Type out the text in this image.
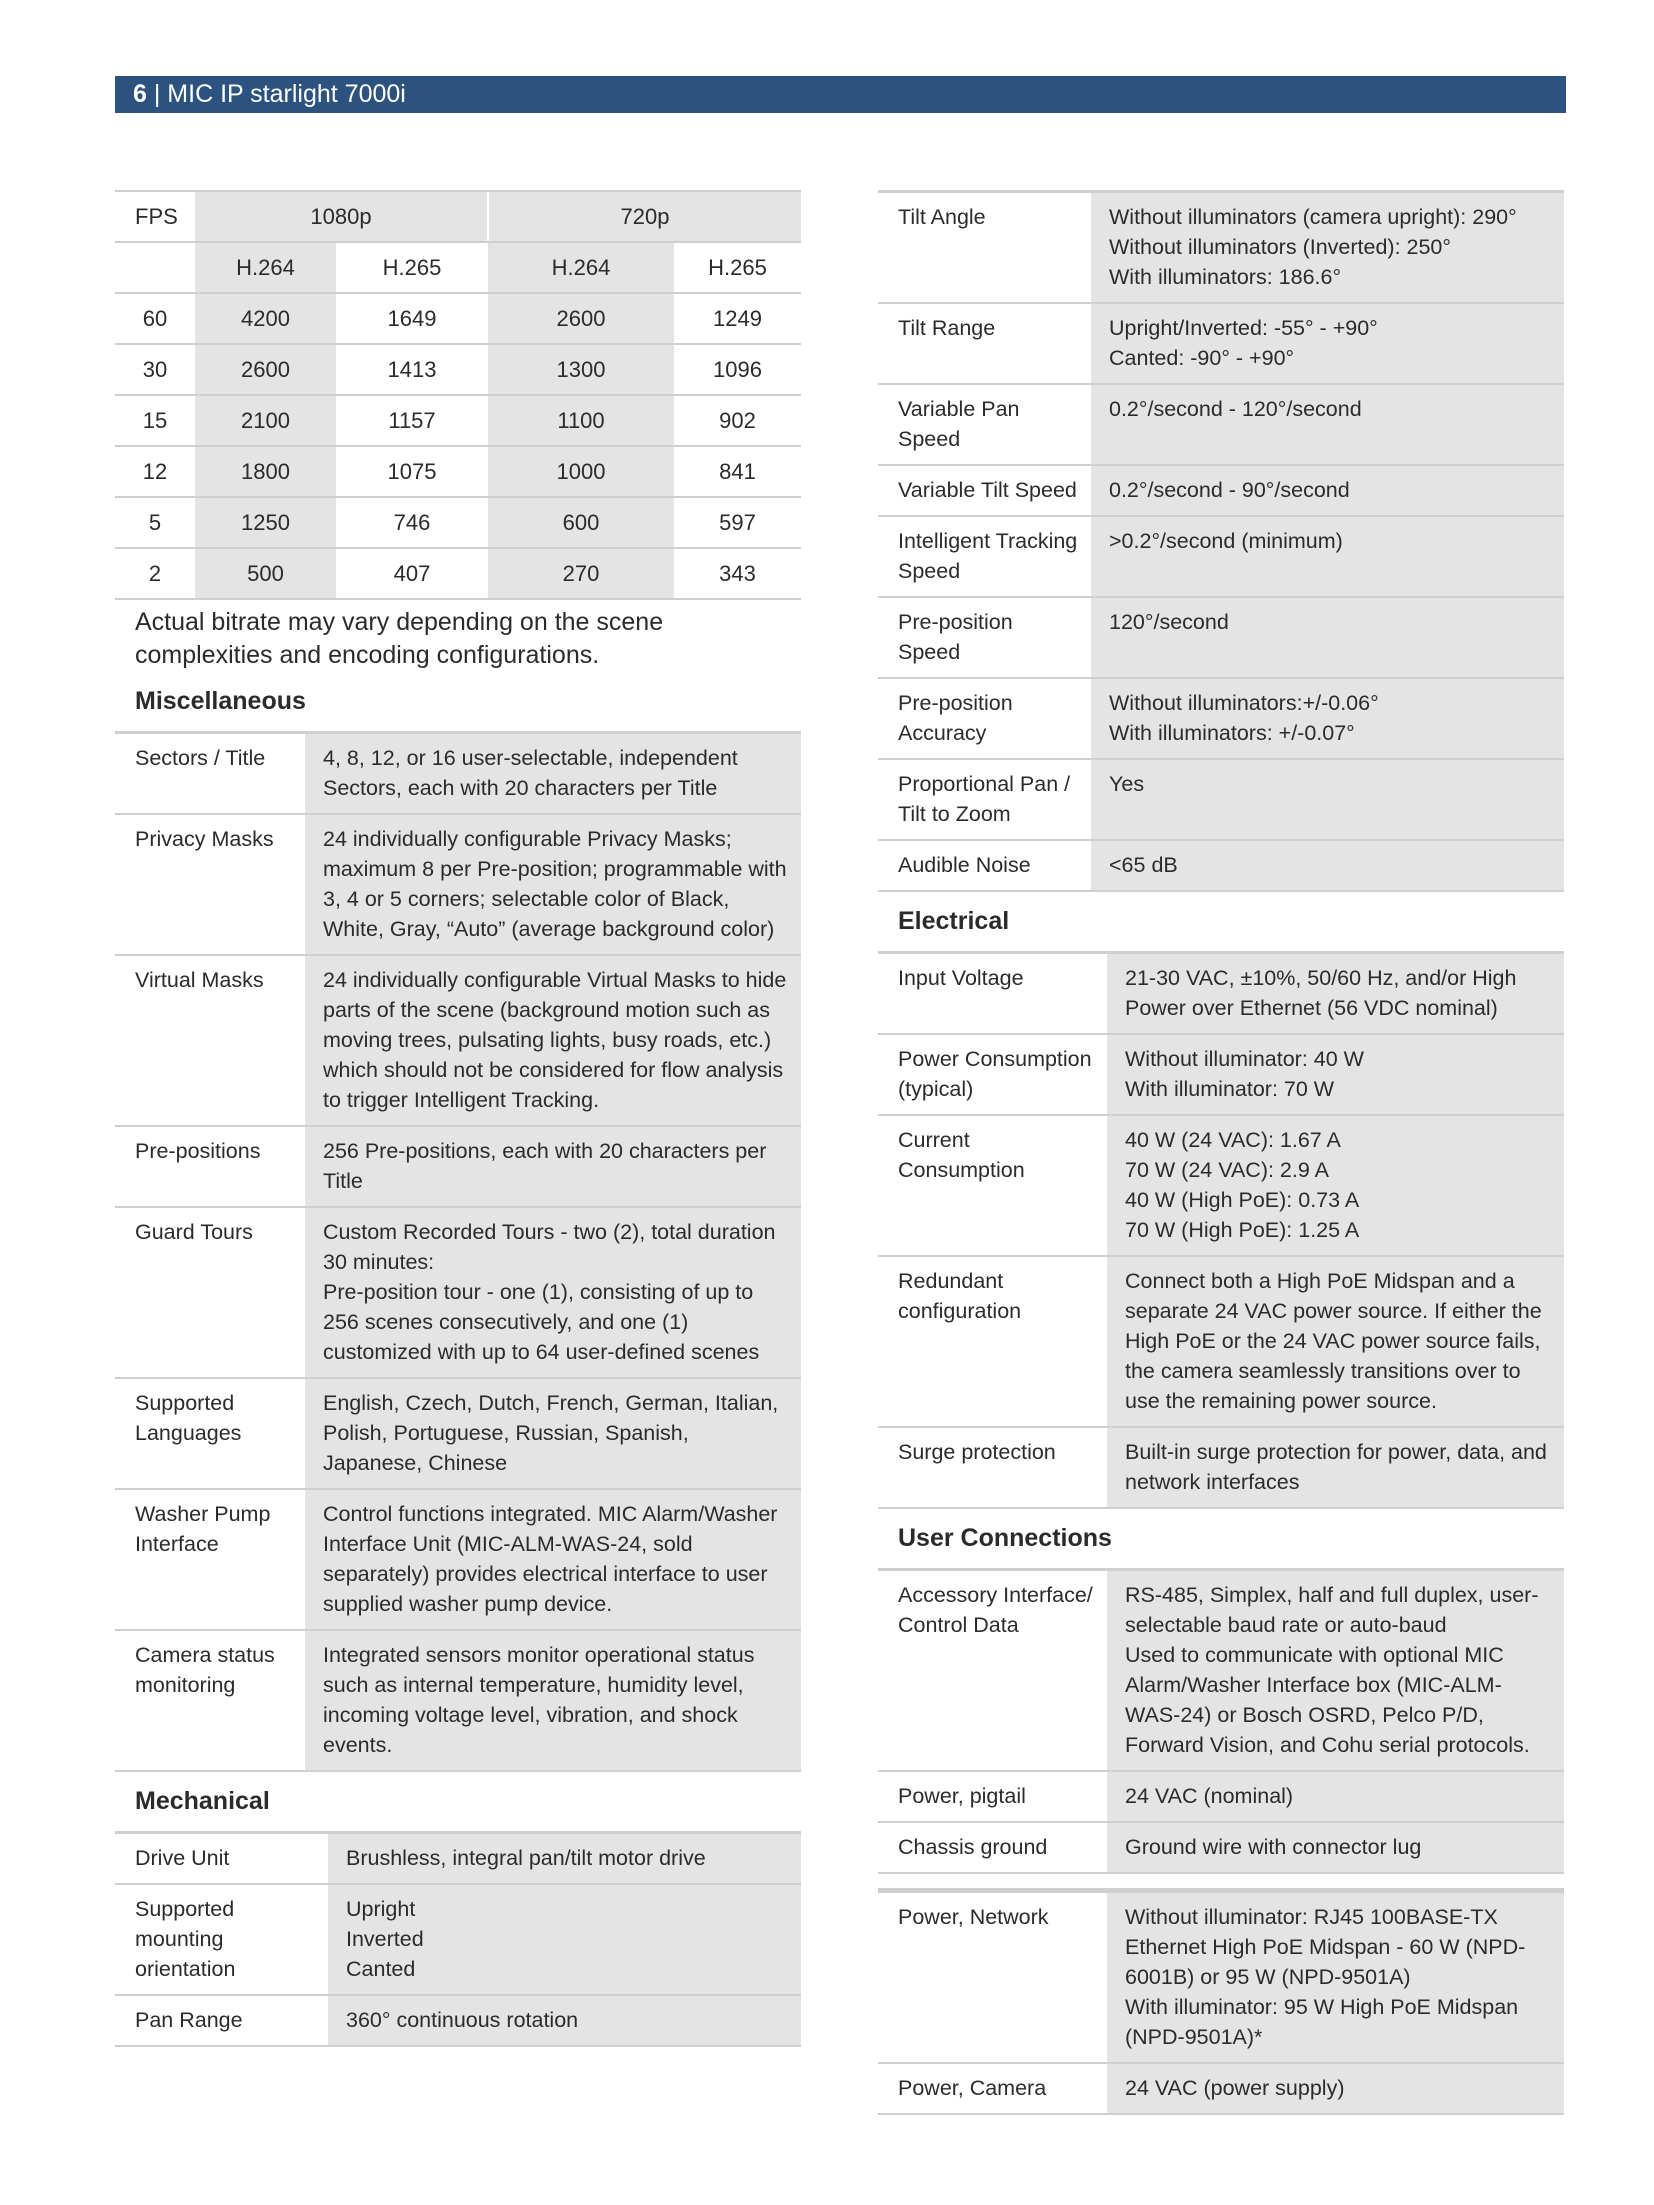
6 | MIC IP starlight 7000i
FPS	1080p		720p	
	H.264	H.265	H.264	H.265
60	4200	1649	2600	1249
30	2600	1413	1300	1096
15	2100	1157	1100	902
12	1800	1075	1000	841
5	1250	746	600	597
2	500	407	270	343
Actual bitrate may vary depending on the scene complexities and encoding configurations.
Miscellaneous
Sectors / Title	4, 8, 12, or 16 user-selectable, independent Sectors, each with 20 characters per Title

Privacy Masks	24 individually configurable Privacy Masks; maximum 8 per Pre-position; programmable with 3, 4 or 5 corners; selectable color of Black, White, Gray, “Auto” (average background color)

Virtual Masks	24 individually configurable Virtual Masks to hide parts of the scene (background motion such as moving trees, pulsating lights, busy roads, etc.) which should not be considered for flow analysis to trigger Intelligent Tracking.

Pre-positions	256 Pre-positions, each with 20 characters per Title

Guard Tours	Custom Recorded Tours - two (2), total duration 30 minutes:
Pre-position tour - one (1), consisting of up to 256 scenes consecutively, and one (1) customized with up to 64 user-defined scenes

Supported Languages	English, Czech, Dutch, French, German, Italian, Polish, Portuguese, Russian, Spanish, Japanese, Chinese

Washer Pump Interface	Control functions integrated. MIC Alarm/Washer Interface Unit (MIC-ALM-WAS-24, sold separately) provides electrical interface to user supplied washer pump device.

Camera status monitoring	Integrated sensors monitor operational status such as internal temperature, humidity level, incoming voltage level, vibration, and shock events.
Mechanical
Drive Unit	Brushless, integral pan/tilt motor drive

Supported mounting orientation	Upright
Inverted
Canted

Pan Range	360° continuous rotation
Tilt Angle	Without illuminators (camera upright): 290°
Without illuminators (Inverted): 250°
With illuminators: 186.6°

Tilt Range	Upright/Inverted: -55° - +90°
Canted: -90° - +90°

Variable Pan Speed	0.2°/second - 120°/second

Variable Tilt Speed	0.2°/second - 90°/second

Intelligent Tracking Speed	>0.2°/second (minimum)

Pre-position Speed	120°/second

Pre-position Accuracy	Without illuminators:+/-0.06°
With illuminators: +/-0.07°

Proportional Pan / Tilt to Zoom	Yes

Audible Noise	<65 dB
Electrical
Input Voltage	21-30 VAC, ±10%, 50/60 Hz, and/or High Power over Ethernet (56 VDC nominal)

Power Consumption (typical)	Without illuminator: 40 W
With illuminator: 70 W

Current Consumption	40 W (24 VAC): 1.67 A
70 W (24 VAC): 2.9 A
40 W (High PoE): 0.73 A
70 W (High PoE): 1.25 A

Redundant configuration	Connect both a High PoE Midspan and a separate 24 VAC power source. If either the High PoE or the 24 VAC power source fails, the camera seamlessly transitions over to use the remaining power source.

Surge protection	Built-in surge protection for power, data, and network interfaces
User Connections
Accessory Interface/ Control Data	RS-485, Simplex, half and full duplex, user-selectable baud rate or auto-baud
Used to communicate with optional MIC Alarm/Washer Interface box (MIC-ALM-WAS-24) or Bosch OSRD, Pelco P/D, Forward Vision, and Cohu serial protocols.

Power, pigtail	24 VAC (nominal)

Chassis ground	Ground wire with connector lug
Power, Network	Without illuminator: RJ45 100BASE-TX Ethernet High PoE Midspan - 60 W (NPD-6001B) or 95 W (NPD-9501A)
With illuminator: 95 W High PoE Midspan (NPD-9501A)*

Power, Camera	24 VAC (power supply)
